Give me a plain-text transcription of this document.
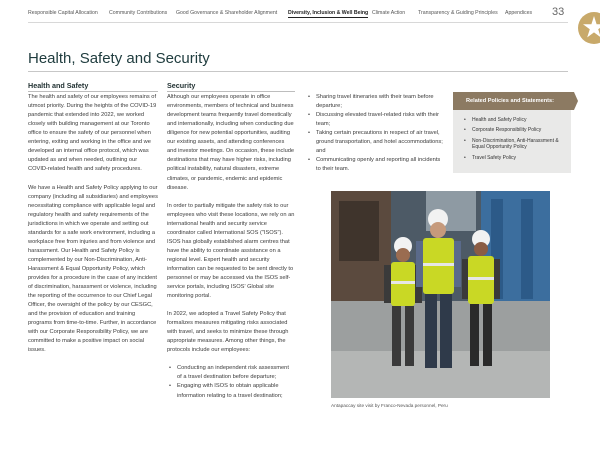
Responsible Capital Allocation Community Contributions Good Governance & Shareholder Alignment Diversity, Inclusion & Well Being Climate Action Transparency & Guiding Principles Appendices 33
Health, Safety and Security
Health and Safety

The health and safety of our employees remains of utmost priority. During the heights of the COVID-19 pandemic that extended into 2022, we worked closely with building management at our Toronto office to ensure the safety of our personnel when entering, exiting and working in the office and we developed an internal office protocol, which was updated as and when needed, outlining our COVID-related health and safety procedures.

We have a Health and Safety Policy applying to our company (including all subsidiaries) and employees necessitating compliance with applicable legal and regulatory health and safety requirements of the jurisdictions in which we operate and setting out standards for a safe work environment, including a workplace free from injuries and from violence and harassment. Our Health and Safety Policy is complemented by our Non-Discrimination, Anti-Harassment & Equal Opportunity Policy, which provides for a procedure in the case of any incident of discrimination, harassment or violence, including the reporting of the occurrence to our Chief Legal Officer, the oversight of the policy by our CESGC, and the provision of education and training programs from time-to-time. Further, in accordance with our Corporate Responsibility Policy, we are committed to make a positive impact on social issues.

Security

Although our employees operate in office environments, members of technical and business development teams frequently travel domestically and internationally, including when conducting due diligence for new potential opportunities, auditing our existing assets, and attending conferences and investor meetings. On occasion, these include destinations that may have higher risks, including political instability, natural disasters, extreme climates, or pandemic, endemic and epidemic disease.

In order to partially mitigate the safety risk to our employees who visit these locations, we rely on an international health and security service coordinator called International SOS ("ISOS"). ISOS has globally established alarm centres that have the ability to coordinate assistance on a regional level. Expert health and security information can be requested to be sent directly to personnel or may be accessed via the ISOS self-service portals, including ISOS' Global site monitoring portal.

In 2022, we adopted a Travel Safety Policy that formalizes measures mitigating risks associated with travel, and seeks to minimize these through appropriate measures. Among other things, the protocols include our employees:

• Conducting an independent risk assessment of a travel destination before departure;
• Engaging with ISOS to obtain applicable information relating to a travel destination;
• Sharing travel itineraries with their team before departure;
• Discussing elevated travel-related risks with their team;
• Taking certain precautions in respect of air travel, ground transportation, and hotel accommodations; and
• Communicating openly and reporting all incidents to their team.
Related Policies and Statements:
• Health and Safety Policy
• Corporate Responsibility Policy
• Non-Discrimination, Anti-Harassment & Equal Opportunity Policy
• Travel Safety Policy
Antapaccay site visit by Franco-Nevada personnel, Peru
